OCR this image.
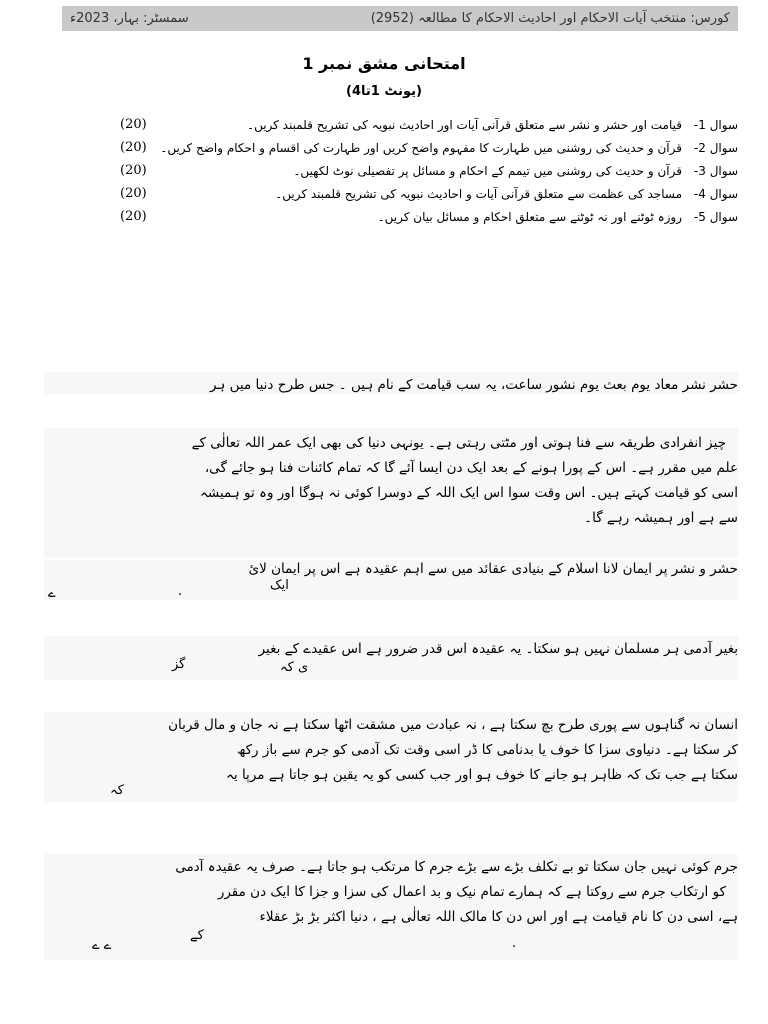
کورس: منتخب آیات الاحکام اور احادیث الاحکام کا مطالعہ (2952)
سمسٹر: بہار، 2023ء
امتحانی مشق نمبر 1
(یونٹ 1تا4)
سوال 1-
قیامت اور حشر و نشر سے متعلق قرآنی آیات اور احادیث نبویہ کی تشریح قلمبند کریں۔
(20)
سوال 2-
قرآن و حدیث کی روشنی میں طہارت کا مفہوم واضح کریں اور طہارت کی اقسام و احکام واضح کریں۔
(20)
سوال 3-
قرآن و حدیث کی روشنی میں تیمم کے احکام و مسائل پر تفصیلی نوٹ لکھیں۔
(20)
سوال 4-
مساجد کی عظمت سے متعلق قرآنی آیات و احادیث نبویہ کی تشریح قلمبند کریں۔
(20)
سوال 5-
روزہ ٹوٹنے اور نہ ٹوٹنے سے متعلق احکام و مسائل بیان کریں۔
(20)
حشر نشر معاد یوم بعث یوم نشور ساعت، یہ سب قیامت کے نام ہیں ۔ جس طرح دنیا میں ہر
چیز انفرادی طریقہ سے فنا ہوتی اور مٹتی رہتی ہے۔ یونہی دنیا کی بھی ایک عمر اللہ تعالٰی کے
علم میں مقرر ہے۔ اس کے پورا ہونے کے بعد ایک دن ایسا آئے گا کہ تمام کائنات فنا ہو جائے گی،
اسی کو قیامت کہتے ہیں۔ اس وقت سوا اس ایک اللہ کے دوسرا کوئی نہ ہوگا اور وہ تو ہمیشہ
سے ہے اور ہمیشہ رہے گا۔
حشر و نشر پر ایمان لانا اسلام کے بنیادی عقائد میں سے اہم عقیدہ ہے اس پر ایمان لائ
ایک
ے	.
بغیر آدمی ہر مسلمان نہیں ہو سکتا۔ یہ عقیدہ اس قدر ضرور ہے اس عقیدے کے بغیر
گز	ی کہ
انسان نہ گناہوں سے پوری طرح بچ سکتا ہے ، نہ عبادت میں مشقت اٹھا سکتا ہے نہ جان و مال قربان
کر سکتا ہے۔ دنیاوی سزا کا خوف یا بدنامی کا ڈر اسی وقت تک آدمی کو جرم سے باز رکھ
سکتا ہے جب تک کہ ظاہر ہو جانے کا خوف ہو اور جب کسی کو یہ یقین ہو جاتا ہے مرپا یہ
کہ
جرم کوئی نہیں جان سکتا تو بے تکلف بڑے سے بڑے جرم کا مرتکب ہو جاتا ہے۔ صرف یہ عقیدہ آدمی
کو ارتکاب جرم سے روکتا ہے کہ ہمارے تمام نیک و بد اعمال کی سزا و جزا کا ایک دن مقرر
ہے، اسی دن کا نام قیامت ہے اور اس دن کا مالک اللہ تعالٰی ہے ، دنیا اکثر بڑ بڑ عقلاء
کے
ے ے	.
